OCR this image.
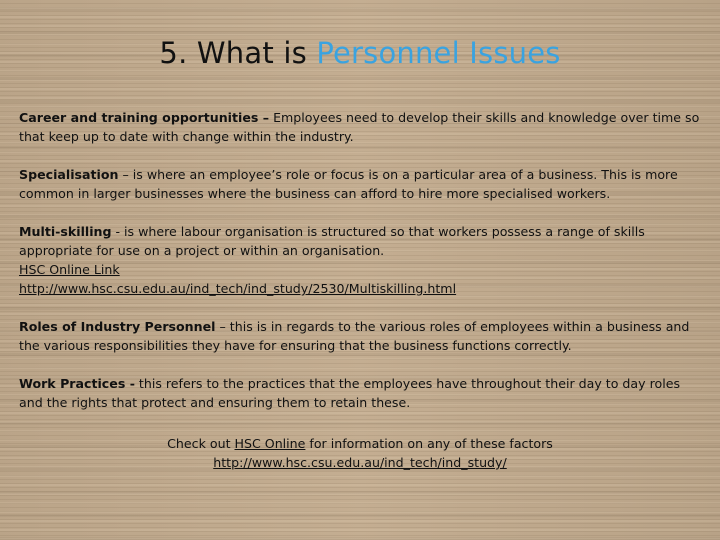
5. What is Personnel Issues

Career and training opportunities – Employees need to develop their skills and knowledge over time so that keep up to date with change within the industry.

Specialisation – is where an employee’s role or focus is on a particular area of a business. This is more common in larger businesses where the business can afford to hire more specialised workers.

Multi-skilling - is where labour organisation is structured so that workers possess a range of skills appropriate for use on a project or within an organisation.
HSC Online Link
http://www.hsc.csu.edu.au/ind_tech/ind_study/2530/Multiskilling.html

Roles of Industry Personnel – this is in regards to the various roles of employees within a business and the various responsibilities they have for ensuring that the business functions correctly.

Work Practices - this refers to the practices that the employees have throughout their day to day roles and the rights that protect and ensuring them to retain these.

Check out HSC Online for information on any of these factors
http://www.hsc.csu.edu.au/ind_tech/ind_study/
